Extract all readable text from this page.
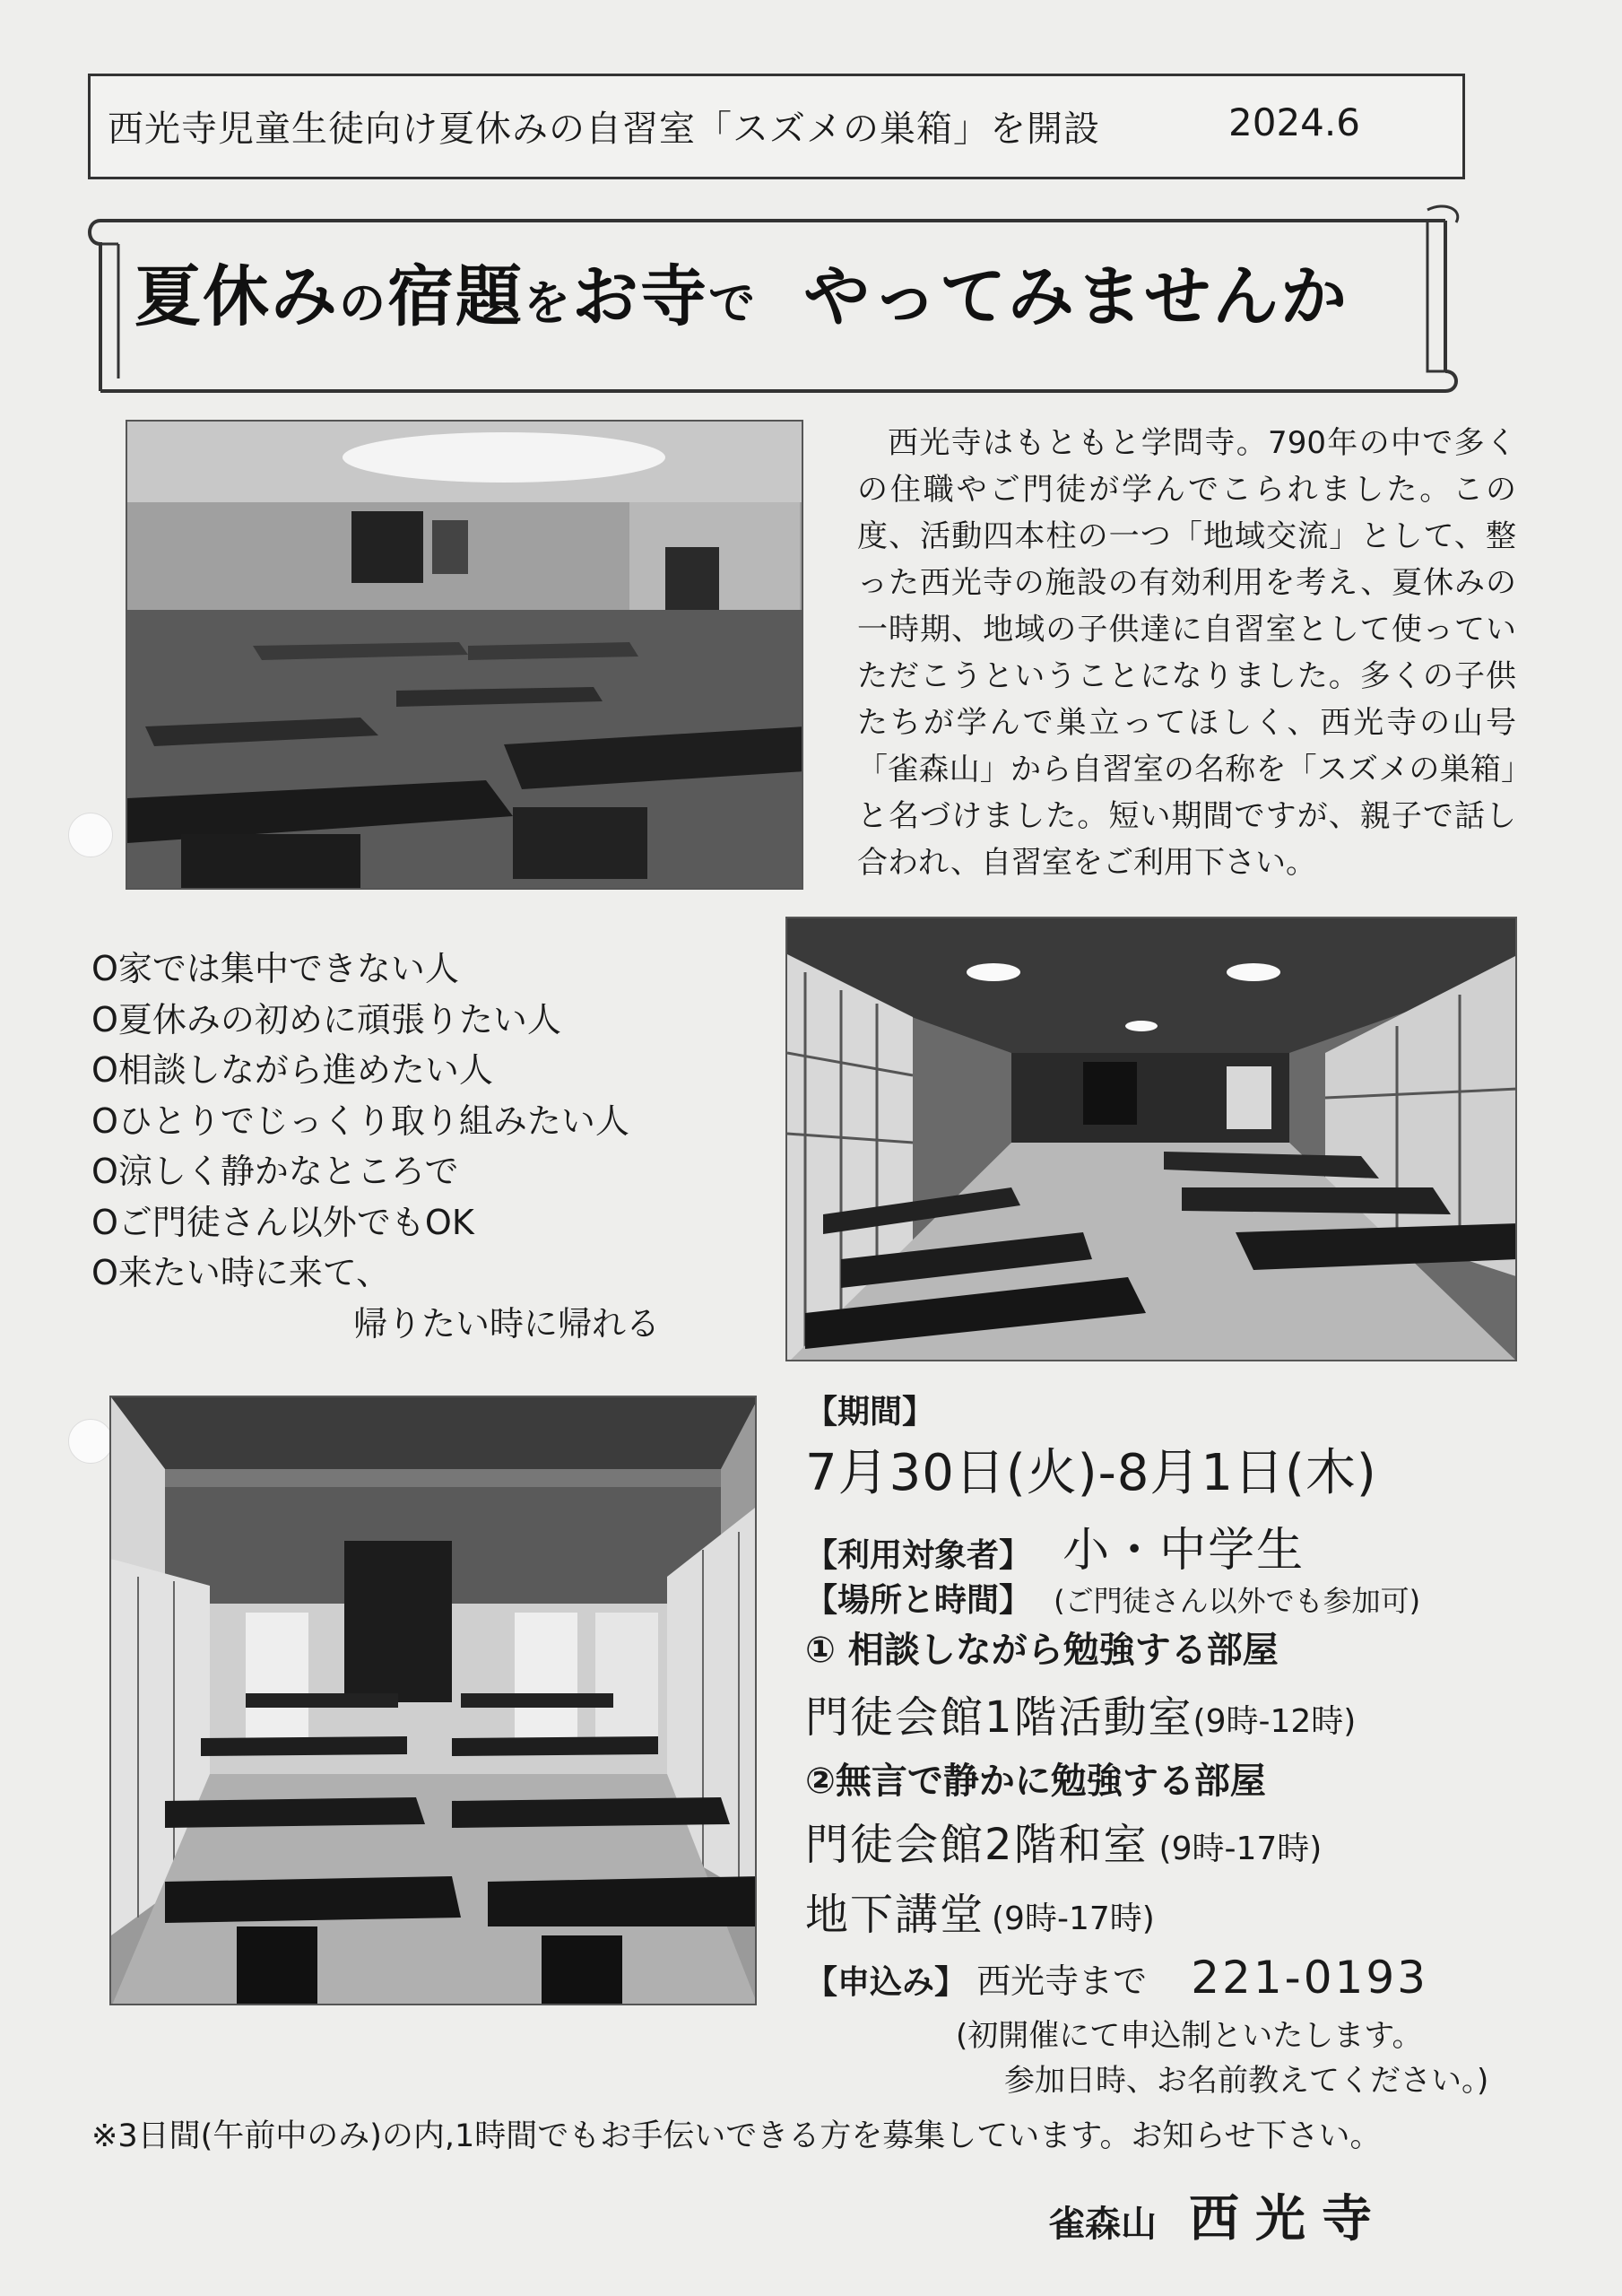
西光寺児童生徒向け夏休みの自習室「スズメの巣箱」を開設	2024.6
夏休みの宿題をお寺で やってみませんか
西光寺はもともと学問寺。790年の中で多くの住職やご門徒が学んでこられました。この度、活動四本柱の一つ「地域交流」として、整った西光寺の施設の有効利用を考え、夏休みの一時期、地域の子供達に自習室として使っていただこうということになりました。多くの子供たちが学んで巣立ってほしく、西光寺の山号「雀森山」から自習室の名称を「スズメの巣箱」と名づけました。短い期間ですが、親子で話し合われ、自習室をご利用下さい。
O家では集中できない人
O夏休みの初めに頑張りたい人
O相談しながら進めたい人
Oひとりでじっくり取り組みたい人
O涼しく静かなところで
Oご門徒さん以外でもOK
O来たい時に来て、
帰りたい時に帰れる
【期間】
7月30日(火)-8月1日(木)
【利用対象者】 小・中学生
【場所と時間】 (ご門徒さん以外でも参加可)
① 相談しながら勉強する部屋
門徒会館1階活動室(9時-12時)
②無言で静かに勉強する部屋
門徒会館2階和室 (9時-17時)
地下講堂 (9時-17時)
【申込み】 西光寺まで 221-0193
(初開催にて申込制といたします。
参加日時、お名前教えてください。)
※3日間(午前中のみ)の内,1時間でもお手伝いできる方を募集しています。お知らせ下さい。
雀森山 西光寺
